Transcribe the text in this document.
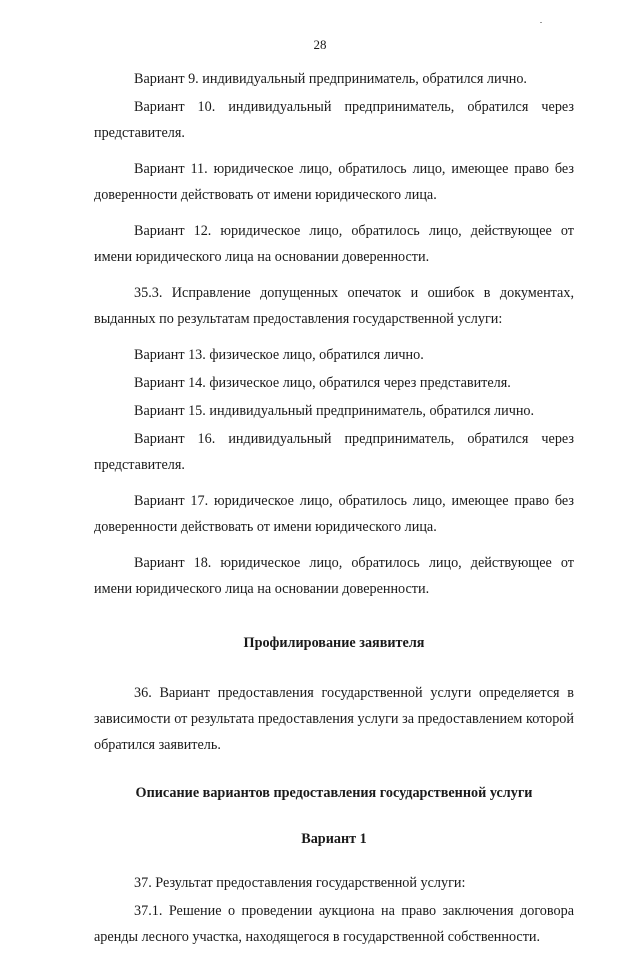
28

Вариант 9. индивидуальный предприниматель, обратился лично.

Вариант 10. индивидуальный предприниматель, обратился через представителя.

Вариант 11. юридическое лицо, обратилось лицо, имеющее право без доверенности действовать от имени юридического лица.

Вариант 12. юридическое лицо, обратилось лицо, действующее от имени юридического лица на основании доверенности.

35.3. Исправление допущенных опечаток и ошибок в документах, выданных по результатам предоставления государственной услуги:

Вариант 13. физическое лицо, обратился лично.

Вариант 14. физическое лицо, обратился через представителя.

Вариант 15. индивидуальный предприниматель, обратился лично.

Вариант 16. индивидуальный предприниматель, обратился через представителя.

Вариант 17. юридическое лицо, обратилось лицо, имеющее право без доверенности действовать от имени юридического лица.

Вариант 18. юридическое лицо, обратилось лицо, действующее от имени юридического лица на основании доверенности.

Профилирование заявителя

36. Вариант предоставления государственной услуги определяется в зависимости от результата предоставления услуги за предоставлением которой обратился заявитель.

Описание вариантов предоставления государственной услуги

Вариант 1

37. Результат предоставления государственной услуги:

37.1. Решение о проведении аукциона на право заключения договора аренды лесного участка, находящегося в государственной собственности.
